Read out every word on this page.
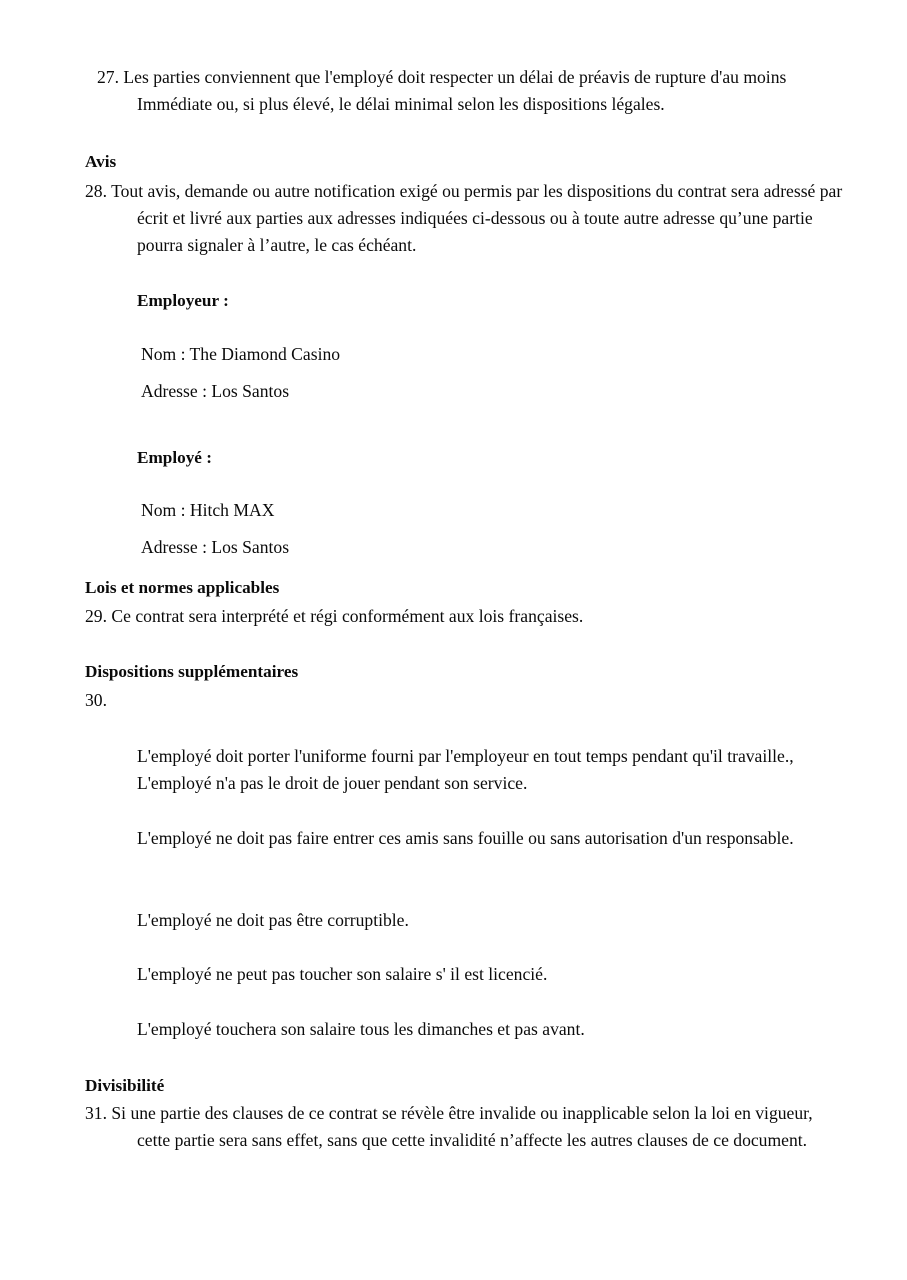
27. Les parties conviennent que l'employé doit respecter un délai de préavis de rupture d'au moins Immédiate ou, si plus élevé, le délai minimal selon les dispositions légales.
Avis
28. Tout avis, demande ou autre notification exigé ou permis par les dispositions du contrat sera adressé par écrit et livré aux parties aux adresses indiquées ci-dessous ou à toute autre adresse qu’une partie pourra signaler à l’autre, le cas échéant.
Employeur :
Nom : The Diamond Casino
Adresse : Los Santos
Employé :
Nom : Hitch MAX
Adresse : Los Santos
Lois et normes applicables
29. Ce contrat sera interprété et régi conformément aux lois françaises.
Dispositions supplémentaires
30.
L'employé doit porter l'uniforme fourni par l'employeur en tout temps pendant qu'il travaille., L'employé n'a pas le droit de jouer pendant son service.
L'employé ne doit pas faire entrer ces amis sans fouille ou sans autorisation d'un responsable.
L'employé ne doit pas être corruptible.
L'employé ne peut pas toucher son salaire s' il est licencié.
L'employé touchera son salaire tous les dimanches et pas avant.
Divisibilité
31. Si une partie des clauses de ce contrat se révèle être invalide ou inapplicable selon la loi en vigueur, cette partie sera sans effet, sans que cette invalidité n’affecte les autres clauses de ce document.
